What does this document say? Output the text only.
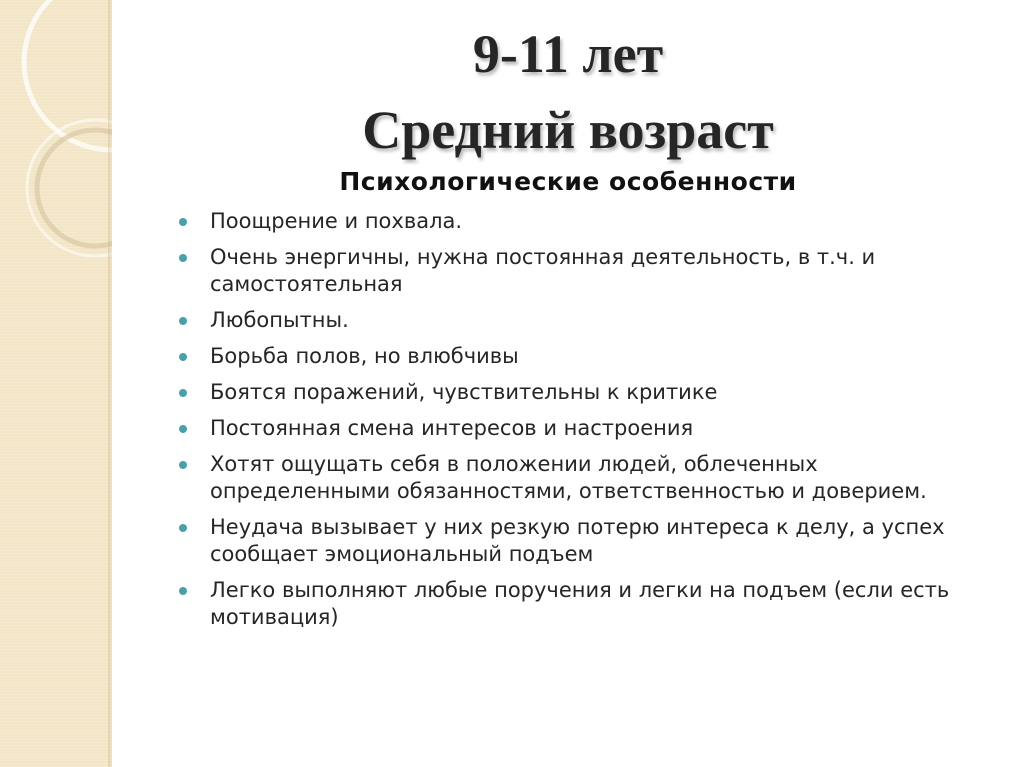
9-11 лет
Средний возраст
Психологические особенности
Поощрение и похвала.
Очень энергичны, нужна постоянная деятельность, в т.ч. и самостоятельная
Любопытны.
Борьба полов, но влюбчивы
Боятся поражений, чувствительны к критике
Постоянная смена интересов и настроения
Хотят ощущать себя в положении людей, облеченных определенными обязанностями, ответственностью и доверием.
Неудача вызывает у них резкую потерю интереса к делу, а успех сообщает эмоциональный подъем
Легко выполняют любые поручения и легки на подъем (если есть мотивация)
